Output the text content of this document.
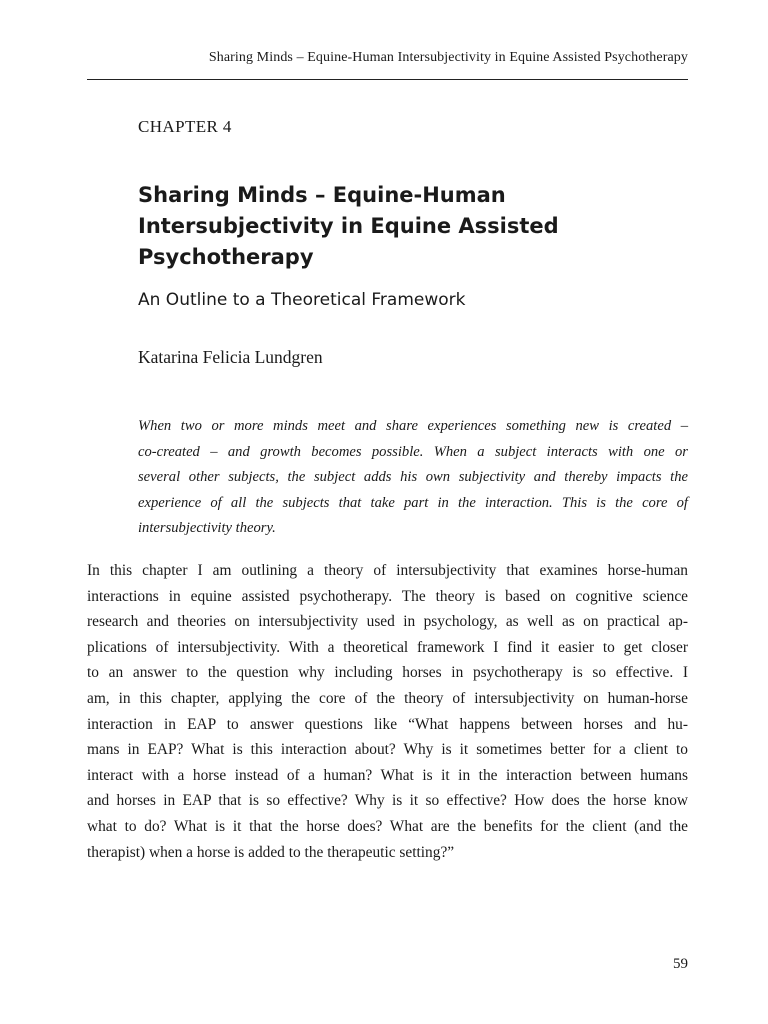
Sharing Minds – Equine-Human Intersubjectivity in Equine Assisted Psychotherapy
CHAPTER 4
Sharing Minds – Equine-Human
Intersubjectivity in Equine Assisted
Psychotherapy
An Outline to a Theoretical Framework
Katarina Felicia Lundgren
When two or more minds meet and share experiences something new is created –
co-created – and growth becomes possible. When a subject interacts with one or
several other subjects, the subject adds his own subjectivity and thereby impacts the
experience of all the subjects that take part in the interaction. This is the core of
intersubjectivity theory.
In this chapter I am outlining a theory of intersubjectivity that examines horse-human
interactions in equine assisted psychotherapy. The theory is based on cognitive science
research and theories on intersubjectivity used in psychology, as well as on practical ap-
plications of intersubjectivity. With a theoretical framework I find it easier to get closer
to an answer to the question why including horses in psychotherapy is so effective. I
am, in this chapter, applying the core of the theory of intersubjectivity on human-horse
interaction in EAP to answer questions like “What happens between horses and hu-
mans in EAP? What is this interaction about? Why is it sometimes better for a client to
interact with a horse instead of a human? What is it in the interaction between humans
and horses in EAP that is so effective? Why is it so effective? How does the horse know
what to do? What is it that the horse does? What are the benefits for the client (and the
therapist) when a horse is added to the therapeutic setting?”
59
